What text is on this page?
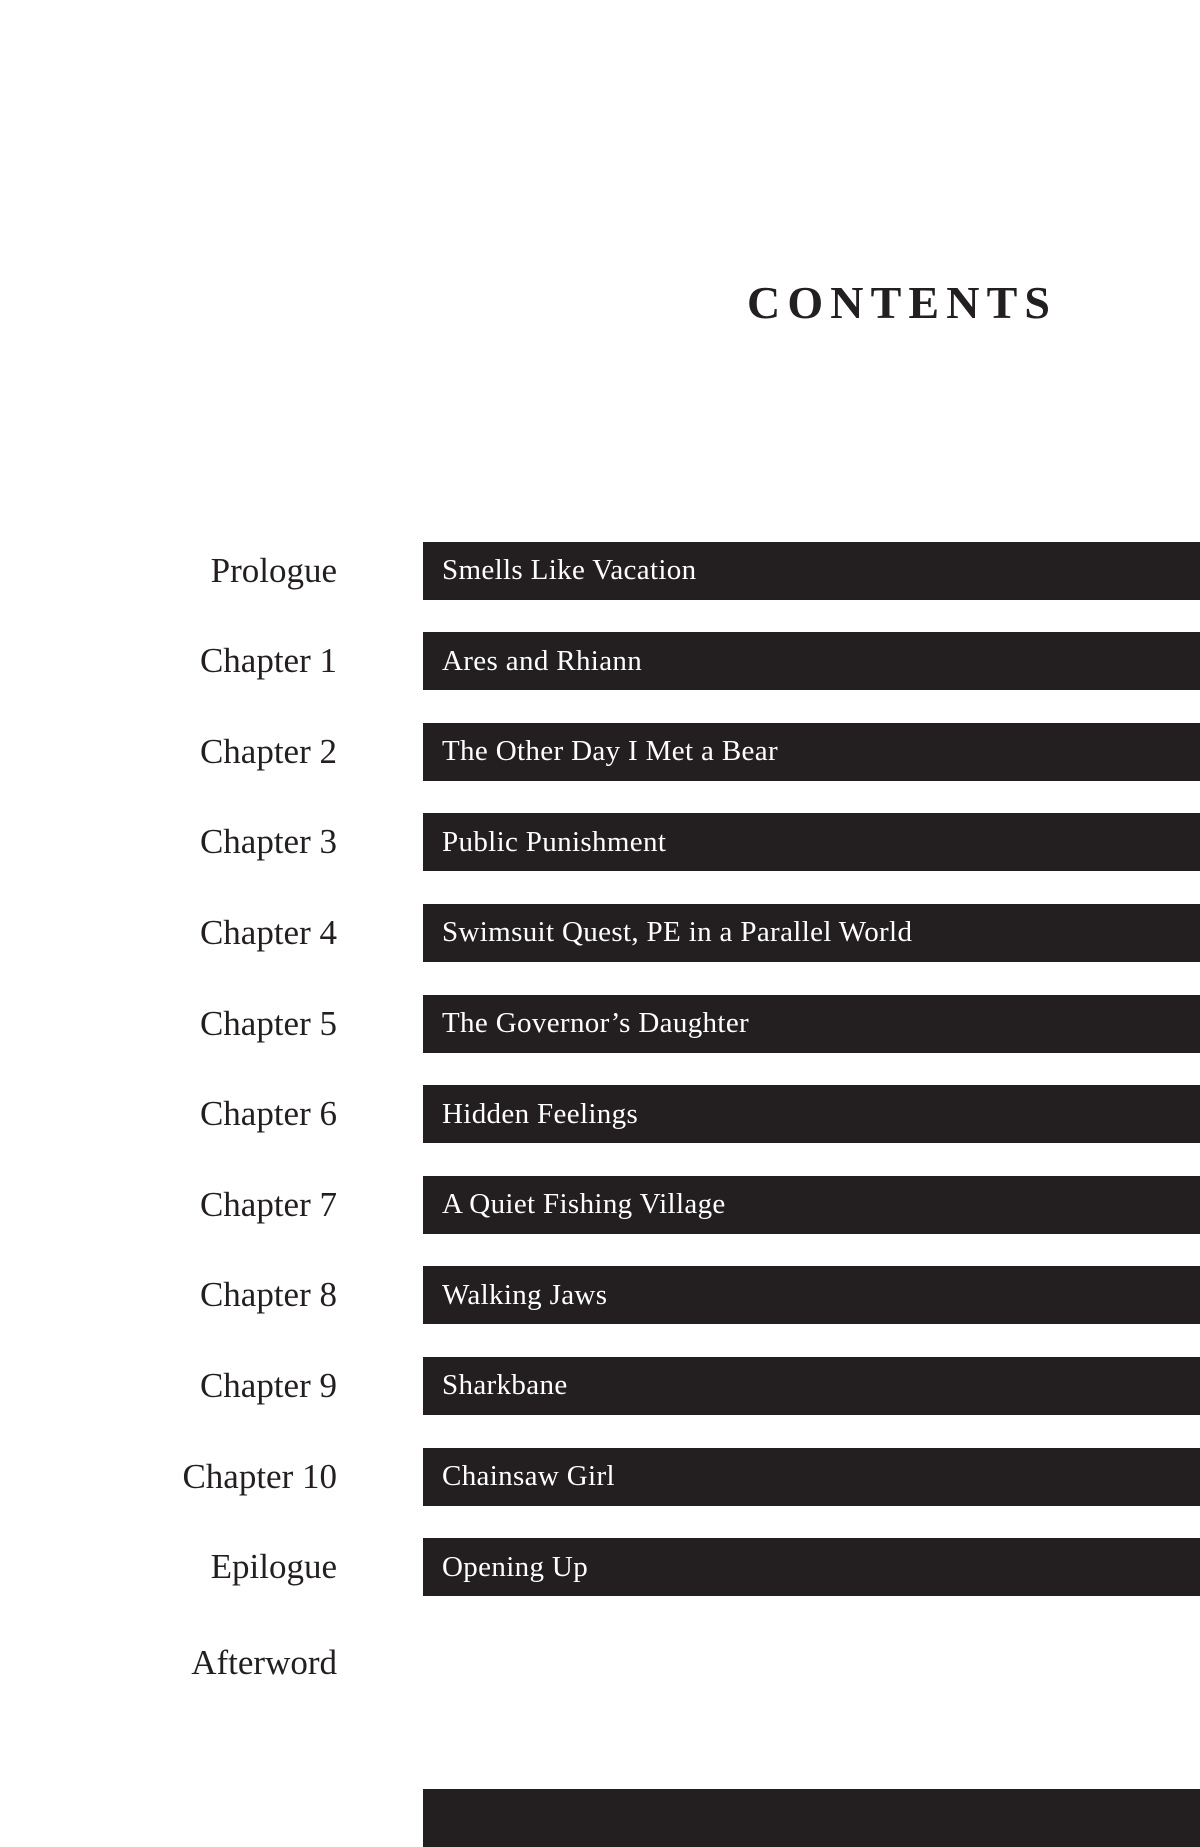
CONTENTS
Prologue	Smells Like Vacation
Chapter 1	Ares and Rhiann
Chapter 2	The Other Day I Met a Bear
Chapter 3	Public Punishment
Chapter 4	Swimsuit Quest, PE in a Parallel World
Chapter 5	The Governor’s Daughter
Chapter 6	Hidden Feelings
Chapter 7	A Quiet Fishing Village
Chapter 8	Walking Jaws
Chapter 9	Sharkbane
Chapter 10	Chainsaw Girl
Epilogue	Opening Up
Afterword
